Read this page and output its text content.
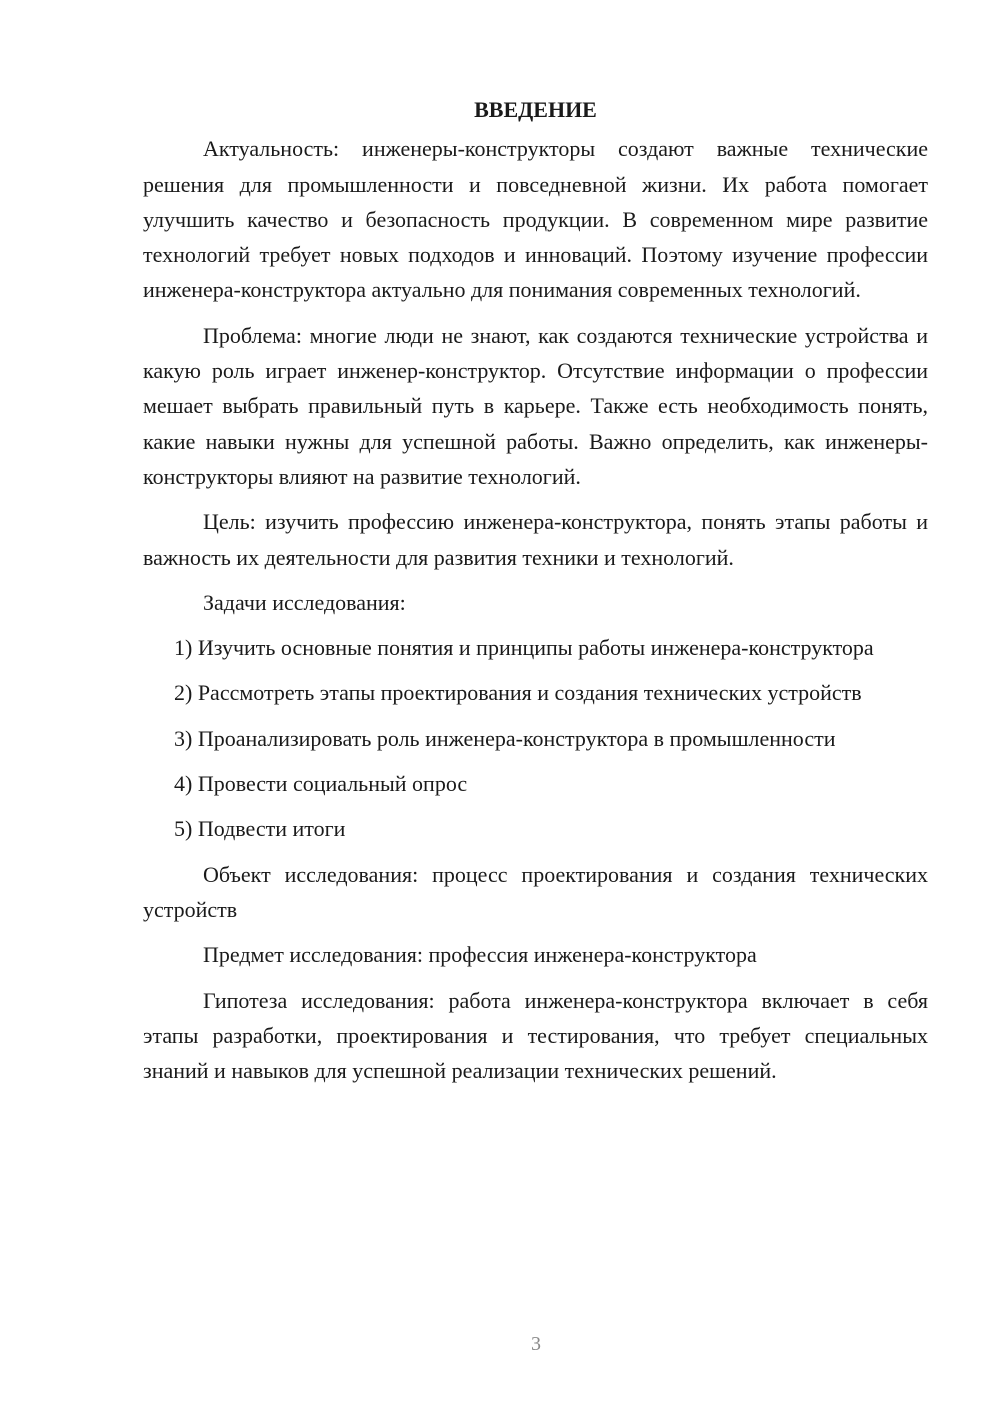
ВВЕДЕНИЕ

Актуальность: инженеры-конструкторы создают важные технические решения для промышленности и повседневной жизни. Их работа помогает улучшить качество и безопасность продукции. В современном мире развитие технологий требует новых подходов и инноваций. Поэтому изучение профессии инженера-конструктора актуально для понимания современных технологий.

Проблема: многие люди не знают, как создаются технические устройства и какую роль играет инженер-конструктор. Отсутствие информации о профессии мешает выбрать правильный путь в карьере. Также есть необходимость понять, какие навыки нужны для успешной работы. Важно определить, как инженеры-конструкторы влияют на развитие технологий.

Цель: изучить профессию инженера-конструктора, понять этапы работы и важность их деятельности для развития техники и технологий.

Задачи исследования:

1) Изучить основные понятия и принципы работы инженера-конструктора

2) Рассмотреть этапы проектирования и создания технических устройств

3) Проанализировать роль инженера-конструктора в промышленности

4) Провести социальный опрос

5) Подвести итоги

Объект исследования: процесс проектирования и создания технических устройств

Предмет исследования: профессия инженера-конструктора

Гипотеза исследования: работа инженера-конструктора включает в себя этапы разработки, проектирования и тестирования, что требует специальных знаний и навыков для успешной реализации технических решений.

3
